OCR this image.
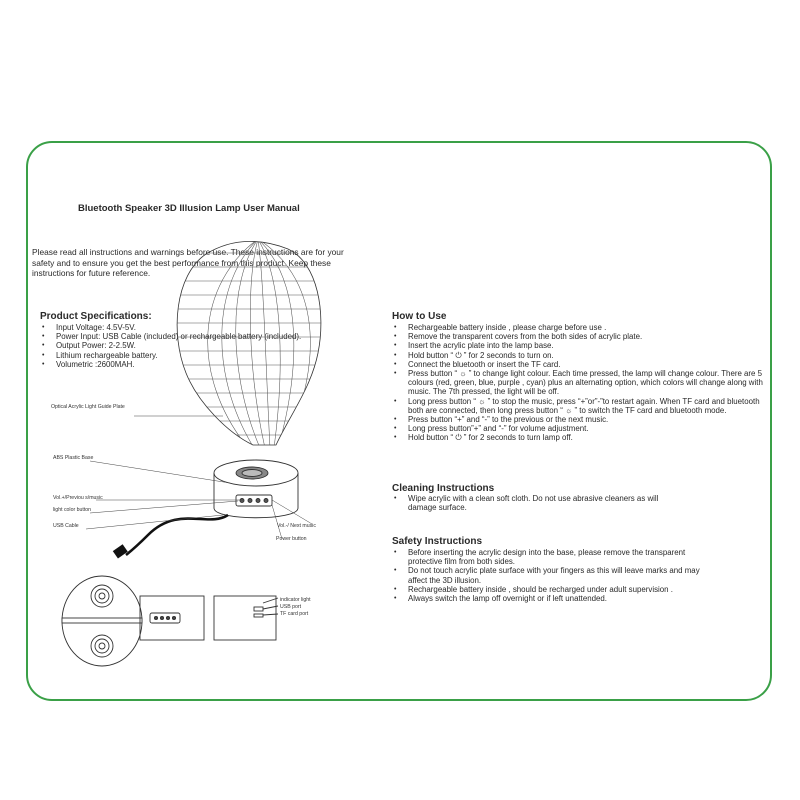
Bluetooth Speaker 3D Illusion Lamp User Manual
Please read all instructions and warnings before use. These instructions are for your safety and to ensure you get the best performance from this product. Keep these instructions for future reference.
Product Specifications:
• Input Voltage: 4.5V-5V.
• Power Input: USB Cable (included) or rechargeable battery (included).
• Output Power: 2-2.5W.
• Lithium rechargeable battery.
• Volumetric :2600MAH.
Optical Acrylic Light Guide Plate
ABS Plastic Base
Vol.+/Previou s/music
light color button
USB Cable	Vol.-/ Next music
Power button
indicator light
USB port
TF card port
How to Use
• Rechargeable battery inside , please charge before use .
• Remove the transparent covers from the both sides of acrylic plate.
• Insert the acrylic plate into the lamp base.
• Hold button “ ⏻ ” for 2 seconds to turn on.
• Connect the bluetooth or insert the TF card.
• Press button “ ☼ ” to change light colour. Each time pressed, the lamp will change colour. There are 5 colours (red, green, blue, purple , cyan) plus an alternating option, which colors will change along with music. The 7th pressed, the light will be off.
• Long press button “ ☼ ” to stop the music, press “+”or”-”to restart again. When TF card and bluetooth both are connected, then long press button “ ☼ ” to switch the TF card and bluetooth mode.
• Press button “+” and “-” to the previous or the next music.
• Long press button”+” and “-” for volume adjustment.
• Hold button “ ⏻ ” for 2 seconds to turn lamp off.
Cleaning Instructions
• Wipe acrylic with a clean soft cloth. Do not use abrasive cleaners as will damage surface.
Safety Instructions
• Before inserting the acrylic design into the base, please remove the transparent protective film from both sides.
• Do not touch acrylic plate surface with your fingers as this will leave marks and may affect the 3D illusion.
• Rechargeable battery inside , should be recharged under adult supervision .
• Always switch the lamp off overnight or if left unattended.
